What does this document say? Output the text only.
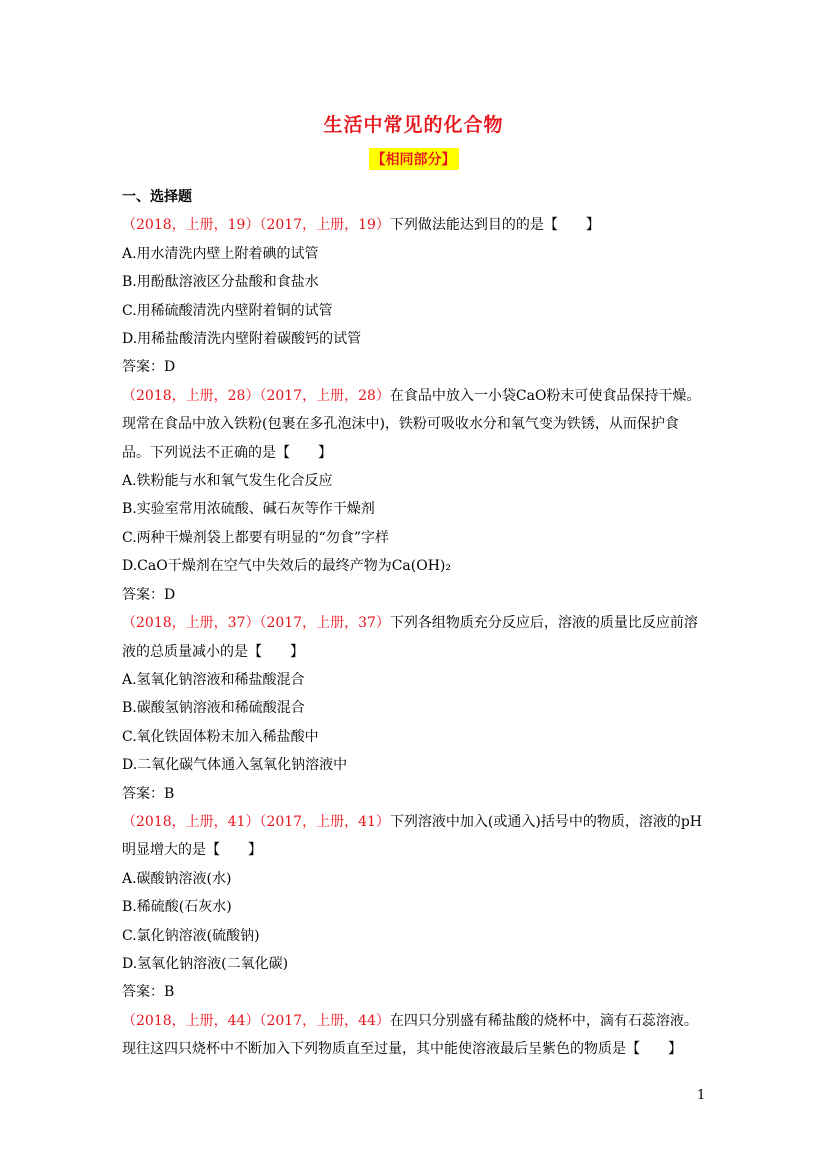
生活中常见的化合物
【相同部分】
一、选择题
（2018，上册，19）（2017，上册，19）下列做法能达到目的的是【　　】
A.用水清洗内壁上附着碘的试管
B.用酚酞溶液区分盐酸和食盐水
C.用稀硫酸清洗内壁附着铜的试管
D.用稀盐酸清洗内壁附着碳酸钙的试管
答案：D
（2018，上册，28）（2017，上册，28）在食品中放入一小袋CaO粉末可使食品保持干燥。
现常在食品中放入铁粉(包裹在多孔泡沫中)，铁粉可吸收水分和氧气变为铁锈，从而保护食
品。下列说法不正确的是【　　】
A.铁粉能与水和氧气发生化合反应
B.实验室常用浓硫酸、碱石灰等作干燥剂
C.两种干燥剂袋上都要有明显的“勿食”字样
D.CaO干燥剂在空气中失效后的最终产物为Ca(OH)₂
答案：D
（2018，上册，37）（2017，上册，37）下列各组物质充分反应后，溶液的质量比反应前溶
液的总质量减小的是【　　】
A.氢氧化钠溶液和稀盐酸混合
B.碳酸氢钠溶液和稀硫酸混合
C.氧化铁固体粉末加入稀盐酸中
D.二氧化碳气体通入氢氧化钠溶液中
答案：B
（2018，上册，41）（2017，上册，41）下列溶液中加入(或通入)括号中的物质，溶液的pH
明显增大的是【　　】
A.碳酸钠溶液(水)
B.稀硫酸(石灰水)
C.氯化钠溶液(硫酸钠)
D.氢氧化钠溶液(二氧化碳)
答案：B
（2018，上册，44）（2017，上册，44）在四只分别盛有稀盐酸的烧杯中，滴有石蕊溶液。
现往这四只烧杯中不断加入下列物质直至过量，其中能使溶液最后呈紫色的物质是【　　】
1
